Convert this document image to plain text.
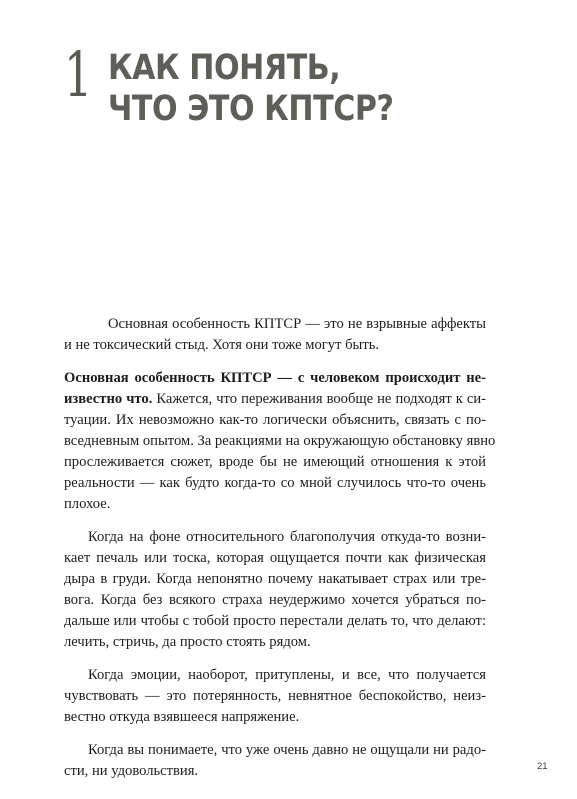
1 КАК ПОНЯТЬ,
ЧТО ЭТО КПТСР?
Основная особенность КПТСР — это не взрывные аффекты
и не токсический стыд. Хотя они тоже могут быть.
Основная особенность КПТСР — с человеком происходит не-
известно что. Кажется, что переживания вообще не подходят к си-
туации. Их невозможно как-то логически объяснить, связать с по-
вседневным опытом. За реакциями на окружающую обстановку явно
прослеживается сюжет, вроде бы не имеющий отношения к этой
реальности — как будто когда-то со мной случилось что-то очень
плохое.
Когда на фоне относительного благополучия откуда-то возни-
кает печаль или тоска, которая ощущается почти как физическая
дыра в груди. Когда непонятно почему накатывает страх или тре-
вога. Когда без всякого страха неудержимо хочется убраться по-
дальше или чтобы с тобой просто перестали делать то, что делают:
лечить, стричь, да просто стоять рядом.
Когда эмоции, наоборот, притуплены, и все, что получается
чувствовать — это потерянность, невнятное беспокойство, неиз-
вестно откуда взявшееся напряжение.
Когда вы понимаете, что уже очень давно не ощущали ни радо-
сти, ни удовольствия.	21
